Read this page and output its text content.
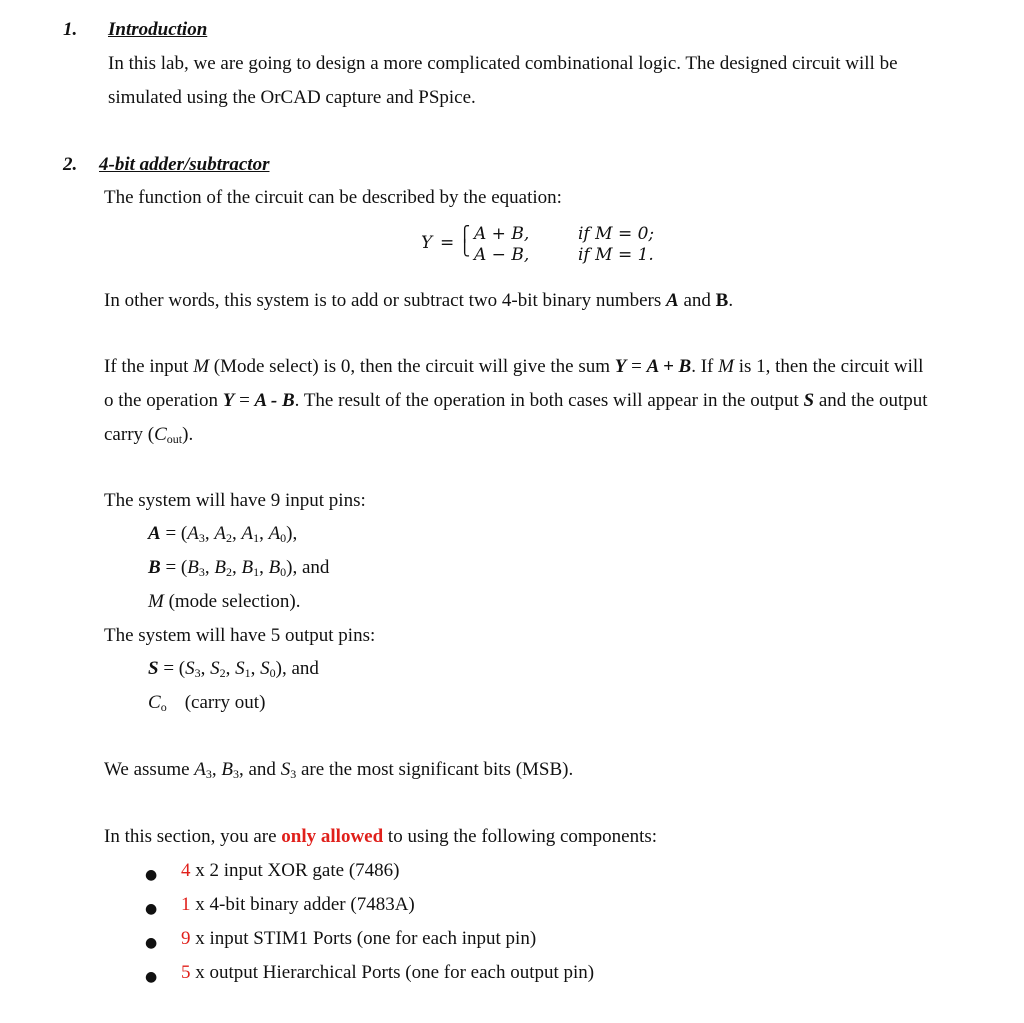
1. Introduction
In this lab, we are going to design a more complicated combinational logic. The designed circuit will be
simulated using the OrCAD capture and PSpice.
2. 4-bit adder/subtractor
The function of the circuit can be described by the equation:
Y = ⎧
⎩
A + B,	if M = 0;
A − B,	if M = 1.
In other words, this system is to add or subtract two 4-bit binary numbers A and B.
If the input M (Mode select) is 0, then the circuit will give the sum Y = A + B. If M is 1, then the circuit will
o the operation Y = A - B. The result of the operation in both cases will appear in the output S and the output
carry $(C_{out})$.
The system will have 9 input pins:
$A = (A_3$, $A_2$, $A_1$, $A_0$),
$B = (B_3$, $B_2$, $B_1$, $B_0$), and
M (mode selection).
The system will have 5 output pins:
$S = (S_3$, $S_2$, $S_1$, $S_0$), and
$C_o$ (carry out)
We assume $A_3$, $B_3$, and $S_3$ are the most significant bits (MSB).
In this section, you are only allowed to using the following components:
● 4 x 2 input XOR gate (7486)
● 1 x 4-bit binary adder (7483A)
● 9 x input STIM1 Ports (one for each input pin)
● 5 x output Hierarchical Ports (one for each output pin)
